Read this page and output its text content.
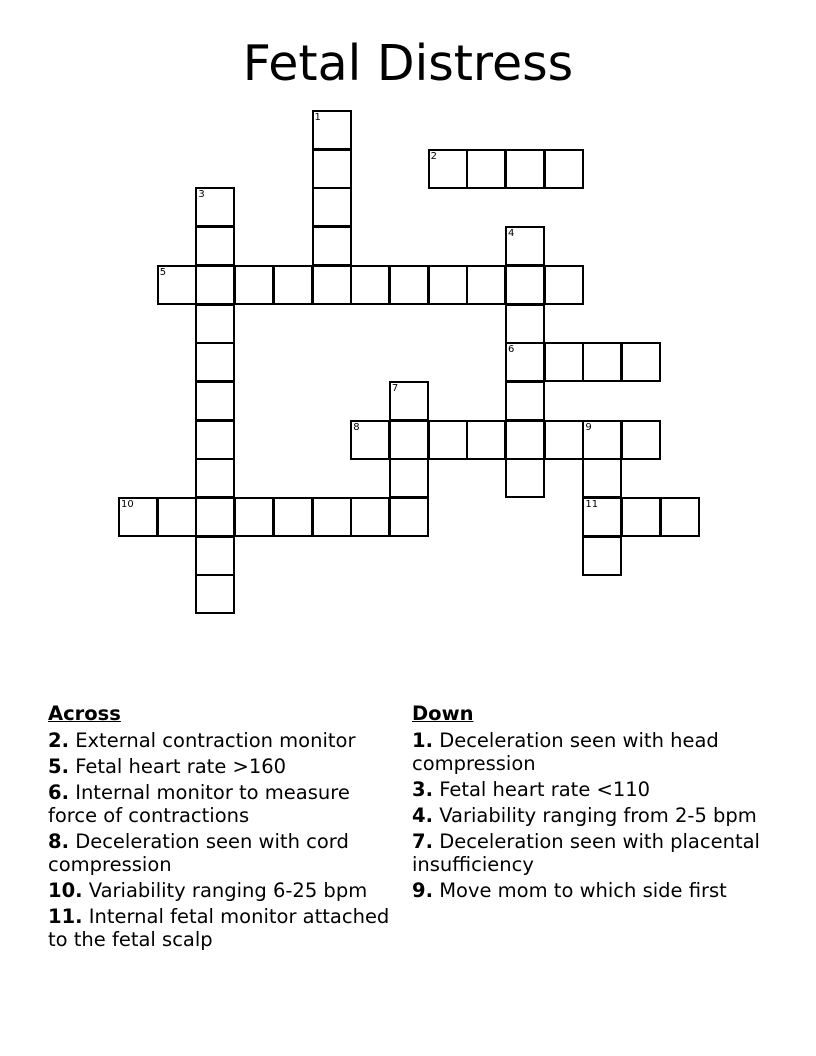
Fetal Distress
1
2
3
4
6
5
7
8	9
10	11
Across
2. External contraction monitor
5. Fetal heart rate >160
6. Internal monitor to measure force of contractions
8. Deceleration seen with cord compression
10. Variability ranging 6-25 bpm
11. Internal fetal monitor attached to the fetal scalp
Down
1. Deceleration seen with head compression
3. Fetal heart rate <110
4. Variability ranging from 2-5 bpm
7. Deceleration seen with placental insufficiency
9. Move mom to which side first
